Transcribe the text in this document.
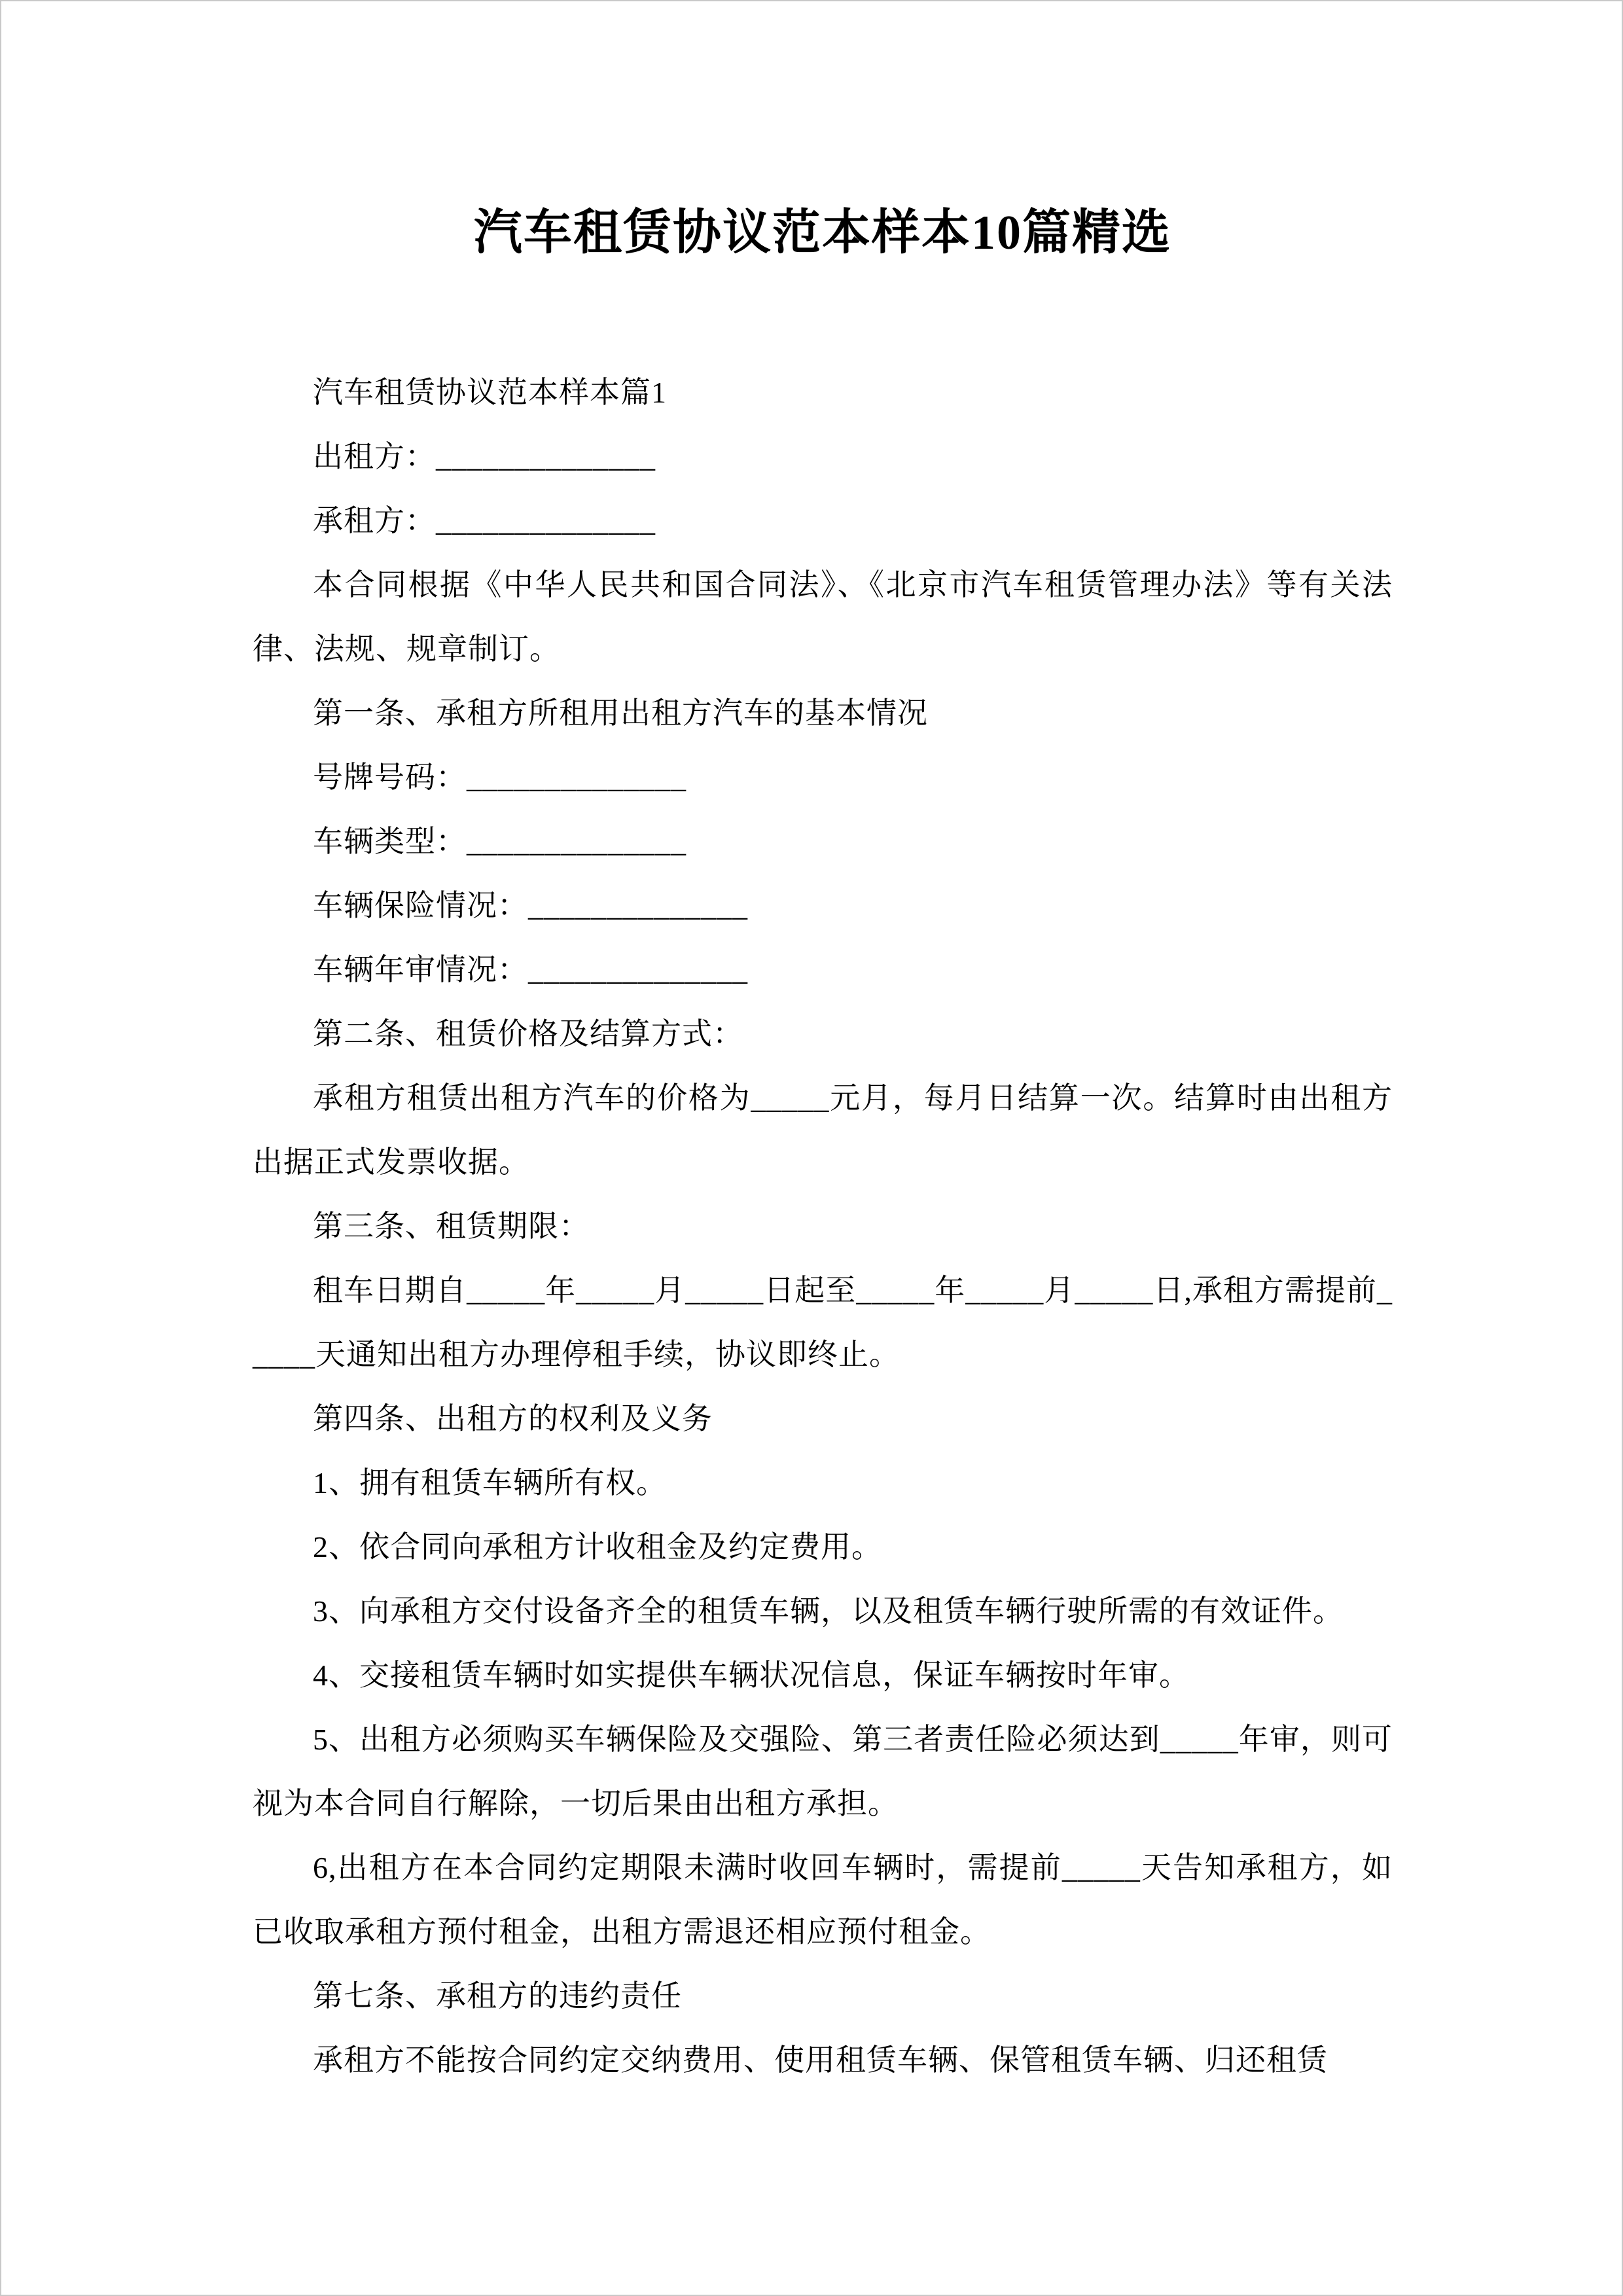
汽车租赁协议范本样本10篇精选

汽车租赁协议范本样本篇1

出租方：______________

承租方：______________

本合同根据《中华人民共和国合同法》、《北京市汽车租赁管理办法》等有关法律、法规、规章制订。

第一条、承租方所租用出租方汽车的基本情况

号牌号码：______________

车辆类型：______________

车辆保险情况：______________

车辆年审情况：______________

第二条、租赁价格及结算方式：

承租方租赁出租方汽车的价格为_____元月，每月日结算一次。结算时由出租方出据正式发票收据。

第三条、租赁期限：

租车日期自_____年_____月_____日起至_____年_____月_____日,承租方需提前_____天通知出租方办理停租手续，协议即终止。

第四条、出租方的权利及义务

1、拥有租赁车辆所有权。

2、依合同向承租方计收租金及约定费用。

3、向承租方交付设备齐全的租赁车辆，以及租赁车辆行驶所需的有效证件。

4、交接租赁车辆时如实提供车辆状况信息，保证车辆按时年审。

5、出租方必须购买车辆保险及交强险、第三者责任险必须达到_____年审，则可视为本合同自行解除，一切后果由出租方承担。

6,出租方在本合同约定期限未满时收回车辆时，需提前_____天告知承租方，如已收取承租方预付租金，出租方需退还相应预付租金。

第七条、承租方的违约责任

承租方不能按合同约定交纳费用、使用租赁车辆、保管租赁车辆、归还租赁
